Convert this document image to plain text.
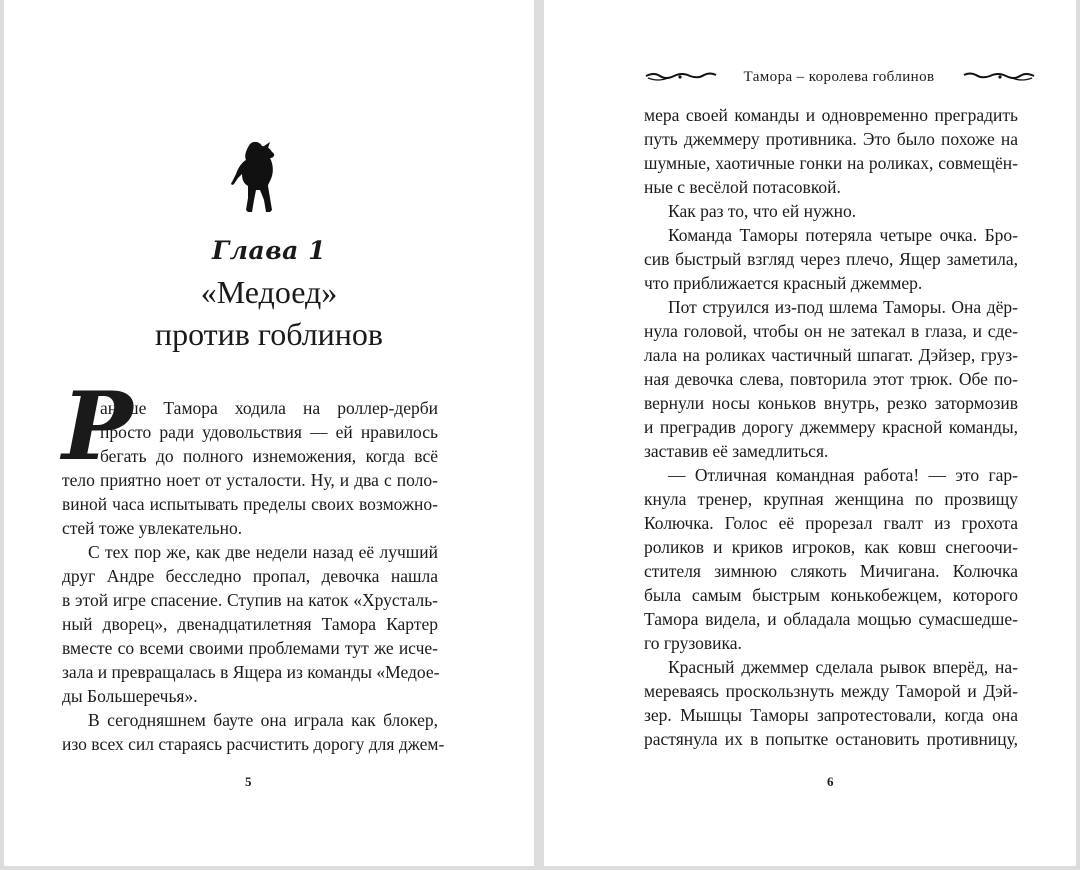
Глава 1
«Медоед»
против гоблинов
Р
аньше Тамора ходила на роллер-дерби
просто ради удовольствия — ей нравилось
бегать до полного изнеможения, когда всё
тело приятно ноет от усталости. Ну, и два с поло-
виной часа испытывать пределы своих возможно-
стей тоже увлекательно.
С тех пор же, как две недели назад её лучший
друг Андре бесследно пропал, девочка нашла
в этой игре спасение. Ступив на каток «Хрусталь-
ный дворец», двенадцатилетняя Тамора Картер
вместе со всеми своими проблемами тут же исче-
зала и превращалась в Ящера из команды «Медое-
ды Большеречья».
В сегодняшнем бауте она играла как блокер,
изо всех сил стараясь расчистить дорогу для джем-
5
Тамора – королева гоблинов
мера своей команды и одновременно преградить
путь джеммеру противника. Это было похоже на
шумные, хаотичные гонки на роликах, совмещён-
ные с весёлой потасовкой.
Как раз то, что ей нужно.
Команда Таморы потеряла четыре очка. Бро-
сив быстрый взгляд через плечо, Ящер заметила,
что приближается красный джеммер.
Пот струился из-под шлема Таморы. Она дёр-
нула головой, чтобы он не затекал в глаза, и сде-
лала на роликах частичный шпагат. Дэйзер, груз-
ная девочка слева, повторила этот трюк. Обе по-
вернули носы коньков внутрь, резко затормозив
и преградив дорогу джеммеру красной команды,
заставив её замедлиться.
— Отличная командная работа! — это гар-
кнула тренер, крупная женщина по прозвищу
Колючка. Голос её прорезал гвалт из грохота
роликов и криков игроков, как ковш снегоочи-
стителя зимнюю слякоть Мичигана. Колючка
была самым быстрым конькобежцем, которого
Тамора видела, и обладала мощью сумасшедше-
го грузовика.
Красный джеммер сделала рывок вперёд, на-
мереваясь проскользнуть между Таморой и Дэй-
зер. Мышцы Таморы запротестовали, когда она
растянула их в попытке остановить противницу,
6
